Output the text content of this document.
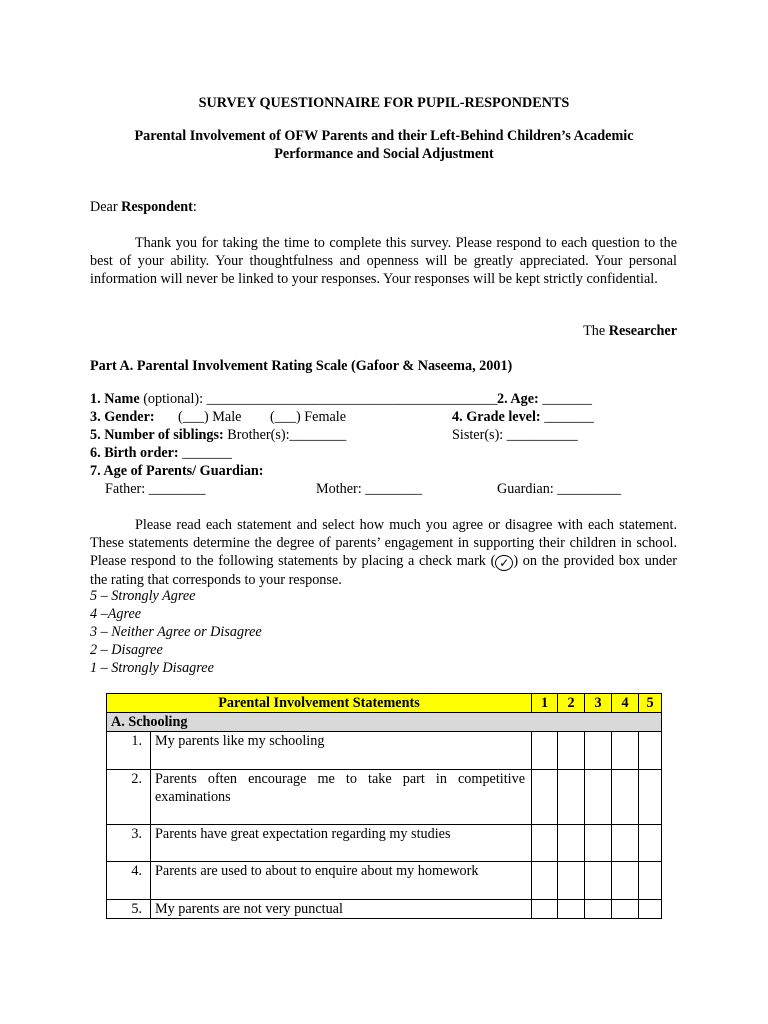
SURVEY QUESTIONNAIRE FOR PUPIL-RESPONDENTS
Parental Involvement of OFW Parents and their Left-Behind Children’s Academic
Performance and Social Adjustment
Dear Respondent:
Thank you for taking the time to complete this survey. Please respond to each question to the best of your ability. Your thoughtfulness and openness will be greatly appreciated. Your personal information will never be linked to your responses. Your responses will be kept strictly confidential.
The Researcher
Part A. Parental Involvement Rating Scale (Gafoor & Naseema, 2001)
1. Name (optional): _________________________________________ 2. Age: _______
3. Gender: (___) Male (___) Female	4. Grade level: _______
5. Number of siblings: Brother(s):________	Sister(s): __________
6. Birth order: _______
7. Age of Parents/ Guardian:
Father: ________	Mother: ________	Guardian: _________
Please read each statement and select how much you agree or disagree with each statement. These statements determine the degree of parents’ engagement in supporting their children in school. Please respond to the following statements by placing a check mark ( ✓ ) on the provided box under the rating that corresponds to your response.
5 – Strongly Agree
4 –Agree
3 – Neither Agree or Disagree
2 – Disagree
1 – Strongly Disagree
Parental Involvement Statements		1	2	3	4	5
A. Schooling						
1.	My parents like my schooling					
2.	Parents often encourage me to take part in competitive examinations					
3.	Parents have great expectation regarding my studies					
4.	Parents are used to about to enquire about my homework					
5.	My parents are not very punctual					
